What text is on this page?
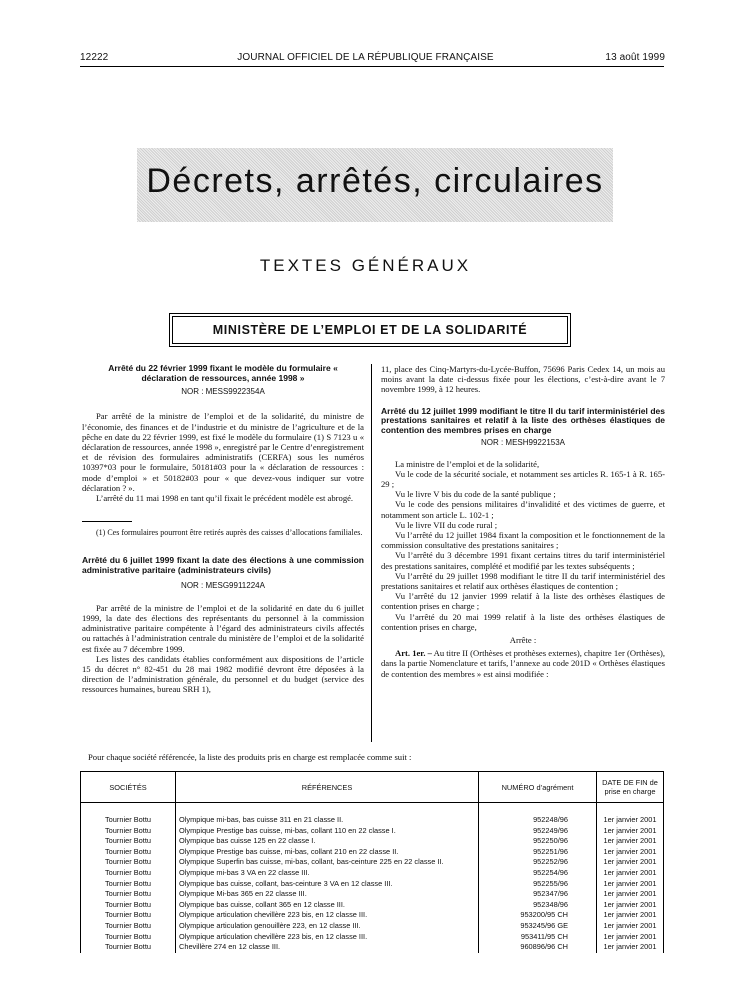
12222	JOURNAL OFFICIEL DE LA RÉPUBLIQUE FRANÇAISE	13 août 1999
Décrets, arrêtés, circulaires
TEXTES GÉNÉRAUX
MINISTÈRE DE L’EMPLOI ET DE LA SOLIDARITÉ
Arrêté du 22 février 1999 fixant le modèle du formulaire « déclaration de ressources, année 1998 »
NOR : MESS9922354A

Par arrêté de la ministre de l’emploi et de la solidarité, du ministre de l’économie, des finances et de l’industrie et du ministre de l’agriculture et de la pêche en date du 22 février 1999, est fixé le modèle du formulaire (1) S 7123 u « déclaration de ressources, année 1998 », enregistré par le Centre d’enregistrement et de révision des formulaires administratifs (CERFA) sous les numéros 10397*03 pour le formulaire, 50181#03 pour la « déclaration de ressources : mode d’emploi » et 50182#03 pour « que devez-vous indiquer sur votre déclaration ? ».

L’arrêté du 11 mai 1998 en tant qu’il fixait le précédent modèle est abrogé.

(1) Ces formulaires pourront être retirés auprès des caisses d’allocations familiales.

Arrêté du 6 juillet 1999 fixant la date des élections à une commission administrative paritaire (administrateurs civils)
NOR : MESG9911224A

Par arrêté de la ministre de l’emploi et de la solidarité en date du 6 juillet 1999, la date des élections des représentants du personnel à la commission administrative paritaire compétente à l’égard des administrateurs civils affectés ou rattachés à l’administration centrale du ministère de l’emploi et de la solidarité est fixée au 7 décembre 1999.

Les listes des candidats établies conformément aux dispositions de l’article 15 du décret n° 82-451 du 28 mai 1982 modifié devront être déposées à la direction de l’administration générale, du personnel et du budget (service des ressources humaines, bureau SRH 1),

11, place des Cinq-Martyrs-du-Lycée-Buffon, 75696 Paris Cedex 14, un mois au moins avant la date ci-dessus fixée pour les élections, c’est-à-dire avant le 7 novembre 1999, à 12 heures.

Arrêté du 12 juillet 1999 modifiant le titre II du tarif interministériel des prestations sanitaires et relatif à la liste des orthèses élastiques de contention des membres prises en charge
NOR : MESH9922153A

La ministre de l’emploi et de la solidarité,

Vu le code de la sécurité sociale, et notamment ses articles R. 165-1 à R. 165-29 ;

Vu le livre V bis du code de la santé publique ;

Vu le code des pensions militaires d’invalidité et des victimes de guerre, et notamment son article L. 102-1 ;

Vu le livre VII du code rural ;

Vu l’arrêté du 12 juillet 1984 fixant la composition et le fonctionnement de la commission consultative des prestations sanitaires ;

Vu l’arrêté du 3 décembre 1991 fixant certains titres du tarif interministériel des prestations sanitaires, complété et modifié par les textes subséquents ;

Vu l’arrêté du 29 juillet 1998 modifiant le titre II du tarif interministériel des prestations sanitaires et relatif aux orthèses élastiques de contention ;

Vu l’arrêté du 12 janvier 1999 relatif à la liste des orthèses élastiques de contention prises en charge ;

Vu l’arrêté du 20 mai 1999 relatif à la liste des orthèses élastiques de contention prises en charge,

Arrête :

Art. 1er. – Au titre II (Orthèses et prothèses externes), chapitre 1er (Orthèses), dans la partie Nomenclature et tarifs, l’annexe au code 201D « Orthèses élastiques de contention des membres » est ainsi modifiée :

Pour chaque société référencée, la liste des produits pris en charge est remplacée comme suit :
SOCIÉTÉS	RÉFÉRENCES	NUMÉRO d’agrément	DATE DE FIN de prise en charge
Tournier Bottu	Olympique mi-bas, bas cuisse 311 en 21 classe II.	952248/96	1er janvier 2001
Tournier Bottu	Olympique Prestige bas cuisse, mi-bas, collant 110 en 22 classe I.	952249/96	1er janvier 2001
Tournier Bottu	Olympique bas cuisse 125 en 22 classe I.	952250/96	1er janvier 2001
Tournier Bottu	Olympique Prestige bas cuisse, mi-bas, collant 210 en 22 classe II.	952251/96	1er janvier 2001
Tournier Bottu	Olympique Superfin bas cuisse, mi-bas, collant, bas-ceinture 225 en 22 classe II.	952252/96	1er janvier 2001
Tournier Bottu	Olympique mi-bas 3 VA en 22 classe III.	952254/96	1er janvier 2001
Tournier Bottu	Olympique bas cuisse, collant, bas-ceinture 3 VA en 12 classe III.	952255/96	1er janvier 2001
Tournier Bottu	Olympique Mi-bas 365 en 22 classe III.	952347/96	1er janvier 2001
Tournier Bottu	Olympique bas cuisse, collant 365 en 12 classe III.	952348/96	1er janvier 2001
Tournier Bottu	Olympique articulation chevillère 223 bis, en 12 classe III.	953200/95 CH	1er janvier 2001
Tournier Bottu	Olympique articulation genouillère 223, en 12 classe III.	953245/96 GE	1er janvier 2001
Tournier Bottu	Olympique articulation chevillère 223 bis, en 12 classe III.	953411/95 CH	1er janvier 2001
Tournier Bottu	Chevillère 274 en 12 classe III.	960896/96 CH	1er janvier 2001
